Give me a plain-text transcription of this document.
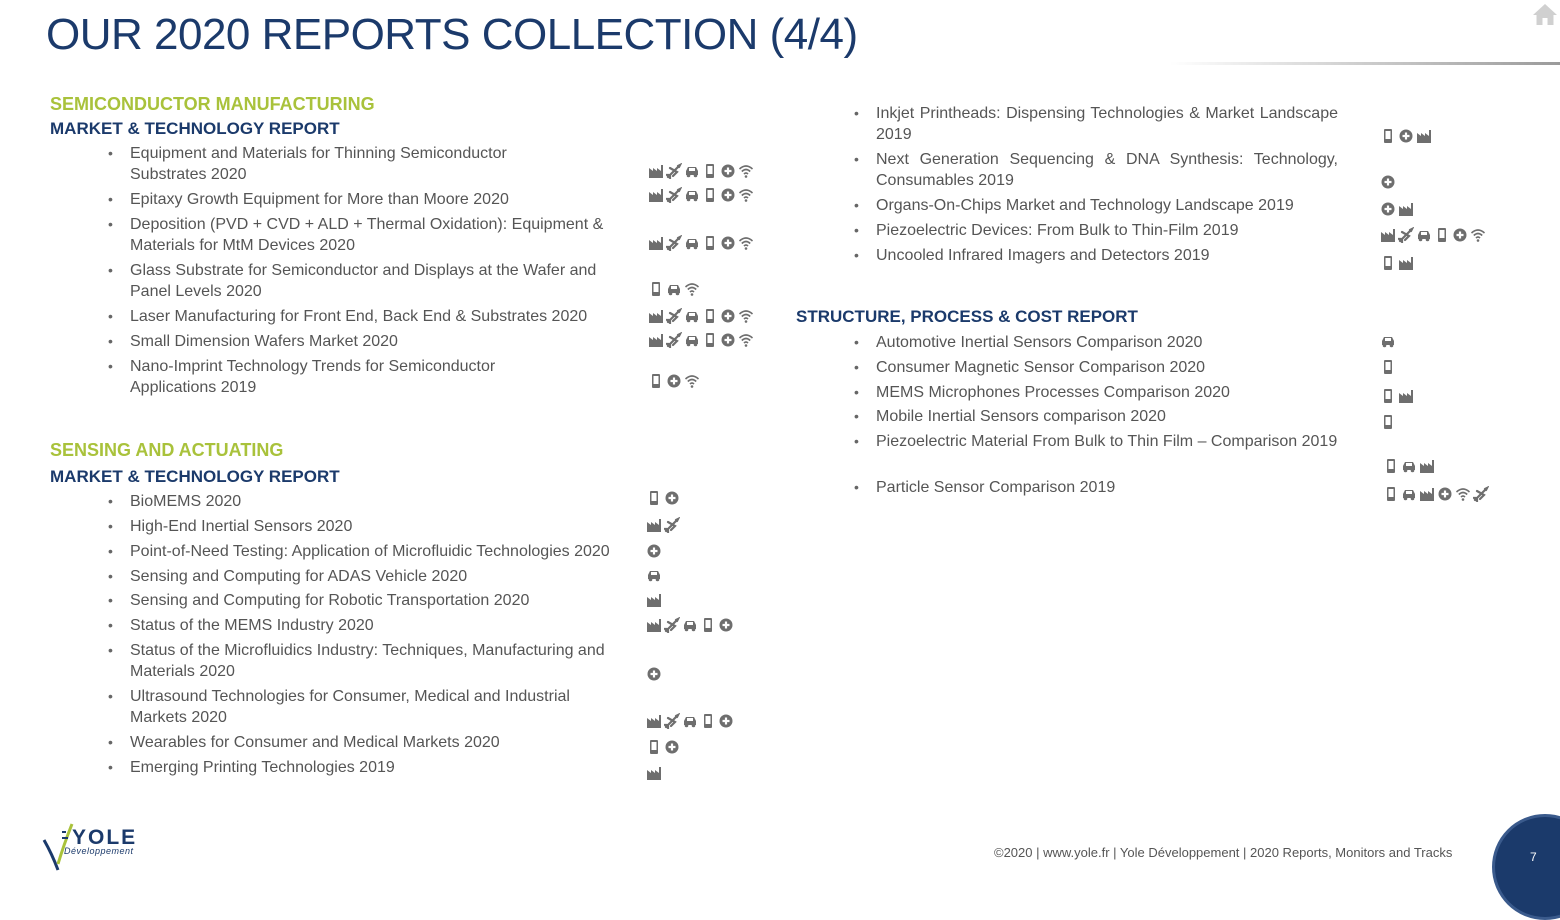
OUR 2020 REPORTS COLLECTION (4/4)
SEMICONDUCTOR MANUFACTURING
MARKET & TECHNOLOGY REPORT
• Equipment and Materials for Thinning Semiconductor Substrates 2020
• Epitaxy Growth Equipment for More than Moore 2020
• Deposition (PVD + CVD + ALD + Thermal Oxidation): Equipment & Materials for MtM Devices 2020
• Glass Substrate for Semiconductor and Displays at the Wafer and Panel Levels 2020
• Laser Manufacturing for Front End, Back End & Substrates 2020
• Small Dimension Wafers Market 2020
• Nano-Imprint Technology Trends for Semiconductor Applications 2019
SENSING AND ACTUATING
MARKET & TECHNOLOGY REPORT
• BioMEMS 2020
• High-End Inertial Sensors 2020
• Point-of-Need Testing: Application of Microfluidic Technologies 2020
• Sensing and Computing for ADAS Vehicle 2020
• Sensing and Computing for Robotic Transportation 2020
• Status of the MEMS Industry 2020
• Status of the Microfluidics Industry: Techniques, Manufacturing and Materials 2020
• Ultrasound Technologies for Consumer, Medical and Industrial Markets 2020
• Wearables for Consumer and Medical Markets 2020
• Emerging Printing Technologies 2019
• Inkjet Printheads: Dispensing Technologies & Market Landscape 2019
• Next Generation Sequencing & DNA Synthesis: Technology, Consumables 2019
• Organs-On-Chips Market and Technology Landscape 2019
• Piezoelectric Devices: From Bulk to Thin-Film 2019
• Uncooled Infrared Imagers and Detectors 2019
STRUCTURE, PROCESS & COST REPORT
• Automotive Inertial Sensors Comparison 2020
• Consumer Magnetic Sensor Comparison 2020
• MEMS Microphones Processes Comparison 2020
• Mobile Inertial Sensors comparison 2020
• Piezoelectric Material From Bulk to Thin Film – Comparison 2019
• Particle Sensor Comparison 2019
YOLE
Développement	©2020 | www.yole.fr | Yole Développement | 2020 Reports, Monitors and Tracks	7
